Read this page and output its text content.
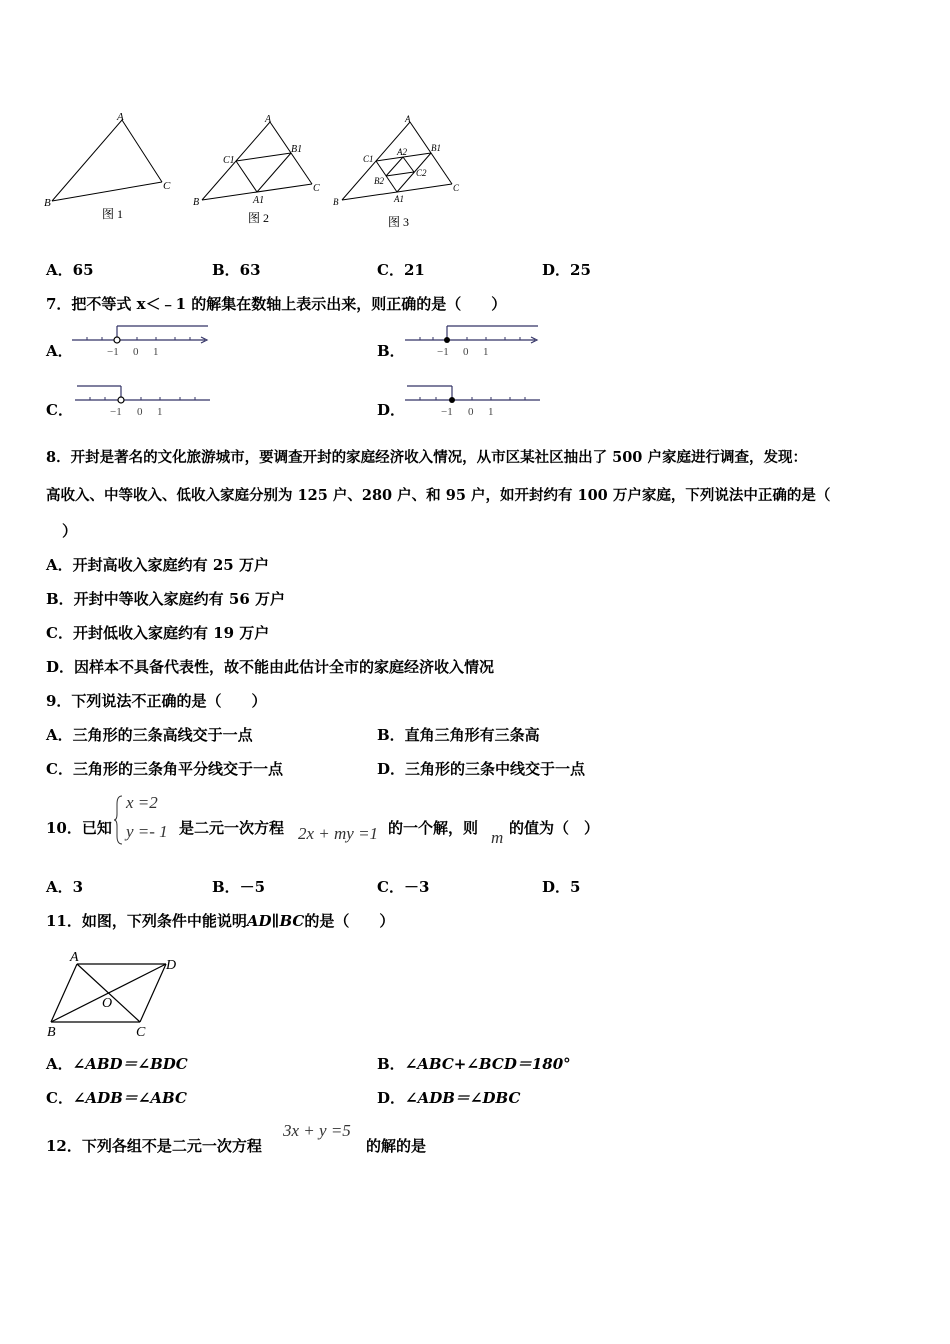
A
B
C
图 1
A
B
C
C1
B1
A1
图 2
A
B
C
C1
B1
A1
A2
B2
C2
图 3
A．65	B．63	C．21	D．25
7．把不等式 x＜﹣1 的解集在数轴上表示出来，则正确的是（　　）
A．	−1 0 1	B．	−1 0 1
C．	−1 0 1	D．	−1 0 1
8．开封是著名的文化旅游城市，要调查开封的家庭经济收入情况，从市区某社区抽出了 500 户家庭进行调查，发现：
高收入、中等收入、低收入家庭分别为 125 户、280 户、和 95 户，如开封约有 100 万户家庭，下列说法中正确的是（
）
A．开封高收入家庭约有 25 万户
B．开封中等收入家庭约有 56 万户
C．开封低收入家庭约有 19 万户
D．因样本不具备代表性，故不能由此估计全市的家庭经济收入情况
9．下列说法不正确的是（　　）
A．三角形的三条高线交于一点	B．直角三角形有三条高
C．三角形的三条角平分线交于一点	D．三角形的三条中线交于一点
10．已知
x =2
y =- 1 是二元一次方程 2x + my =1 的一个解，则 m 的值为（　）
A．3	B．－5	C．－3	D．5
11．如图，下列条件中能说明AD∥BC的是（　　）
A
D
O
B	C
A．∠ABD＝∠BDC	B．∠ABC+∠BCD＝180°
C．∠ADB＝∠ABC	D．∠ADB＝∠DBC
12．下列各组不是二元一次方程
3x + y =5
的解的是
